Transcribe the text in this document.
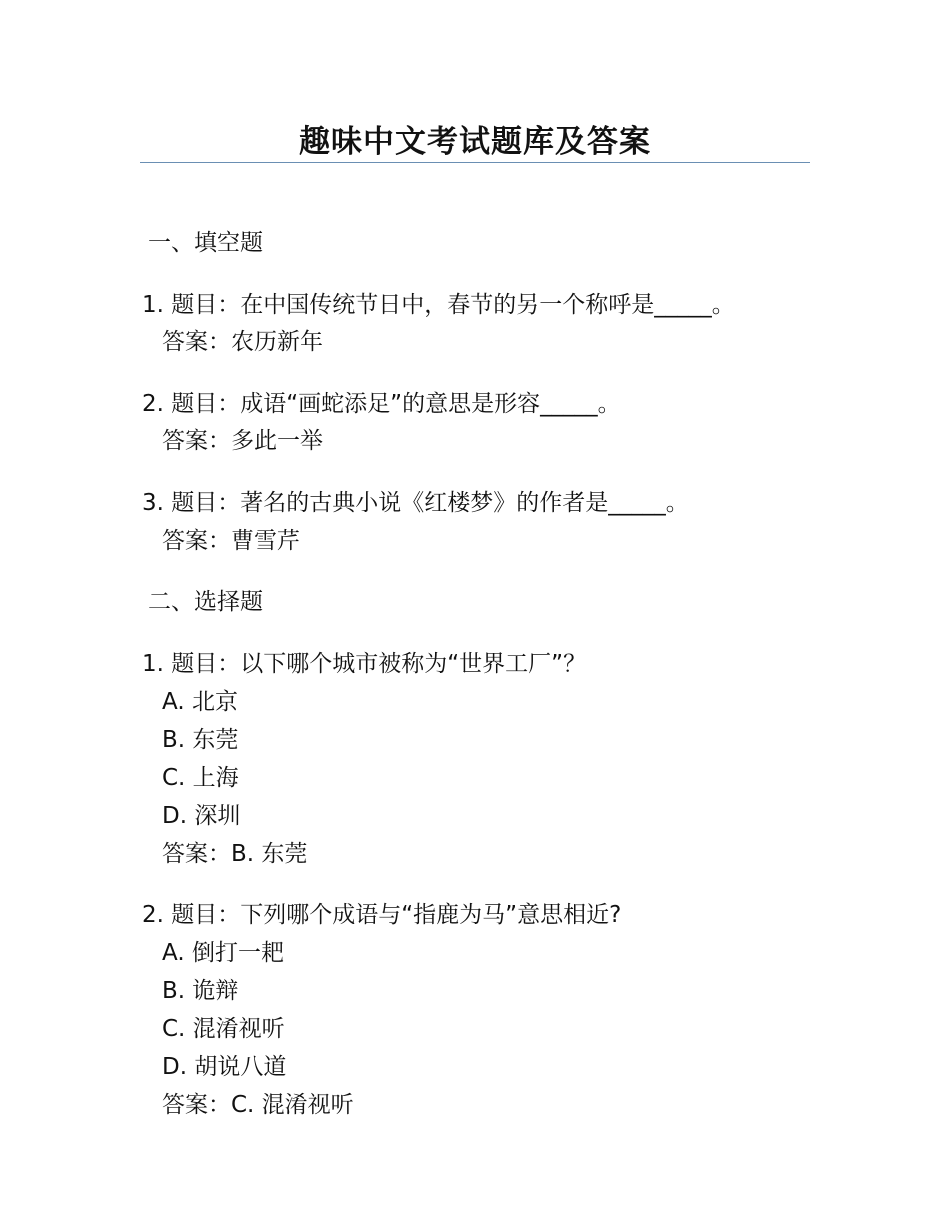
趣味中文考试题库及答案
一、填空题
1. 题目：在中国传统节日中，春节的另一个称呼是_____。
答案：农历新年
2. 题目：成语“画蛇添足”的意思是形容_____。
答案：多此一举
3. 题目：著名的古典小说《红楼梦》的作者是_____。
答案：曹雪芹
二、选择题
1. 题目：以下哪个城市被称为“世界工厂”？
A. 北京
B. 东莞
C. 上海
D. 深圳
答案：B. 东莞
2. 题目：下列哪个成语与“指鹿为马”意思相近?
A. 倒打一耙
B. 诡辩
C. 混淆视听
D. 胡说八道
答案：C. 混淆视听
